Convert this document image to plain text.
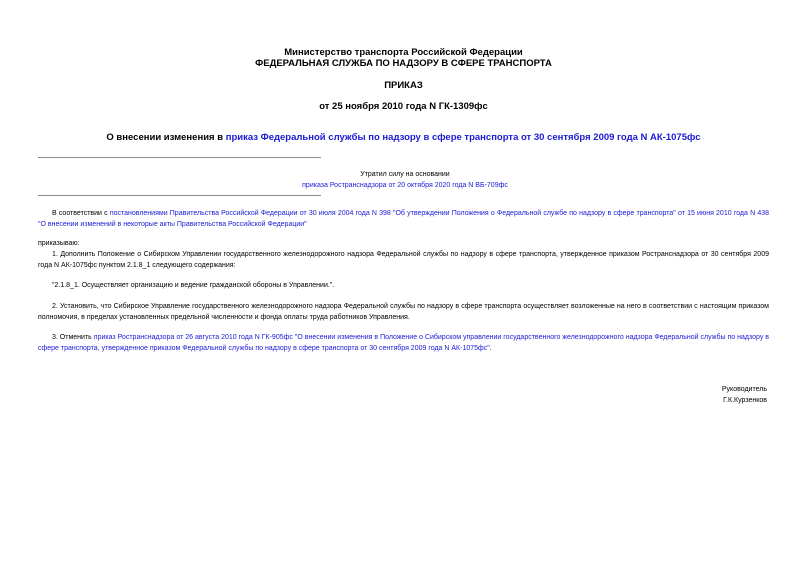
Министерство транспорта Российской Федерации
ФЕДЕРАЛЬНАЯ СЛУЖБА ПО НАДЗОРУ В СФЕРЕ ТРАНСПОРТА
ПРИКАЗ
от 25 ноября 2010 года N ГК-1309фс
О внесении изменения в приказ Федеральной службы по надзору в сфере транспорта от 30 сентября 2009 года N АК-1075фс
Утратил силу на основании
приказа Ространснадзора от 20 октября 2020 года N ВБ-709фс
В соответствии с постановлениями Правительства Российской Федерации от 30 июля 2004 года N 398 "Об утверждении Положения о Федеральной службе по надзору в сфере транспорта" от 15 июня 2010 года N 438 "О внесении изменений в некоторые акты Правительства Российской Федерации"
приказываю:
1. Дополнить Положение о Сибирском Управлении государственного железнодорожного надзора Федеральной службы по надзору в сфере транспорта, утвержденное приказом Ространснадзора от 30 сентября 2009 года N АК-1075фс пунктом 2.1.8_1 следующего содержания:
"2.1.8_1. Осуществляет организацию и ведение гражданской обороны в Управлении.".
2. Установить, что Сибирское Управление государственного железнодорожного надзора Федеральной службы по надзору в сфере транспорта осуществляет возложенные на него в соответствии с настоящим приказом полномочия, в пределах установленных предельной численности и фонда оплаты труда работников Управления.
3. Отменить приказ Ространснадзора от 26 августа 2010 года N ГК-905фс "О внесении изменения в Положение о Сибирском управлении государственного железнодорожного надзора Федеральной службы по надзору в сфере транспорта, утвержденное приказом Федеральной службы по надзору в сфере транспорта от 30 сентября 2009 года N АК-1075фс".
Руководитель
Г.К.Курзенков
